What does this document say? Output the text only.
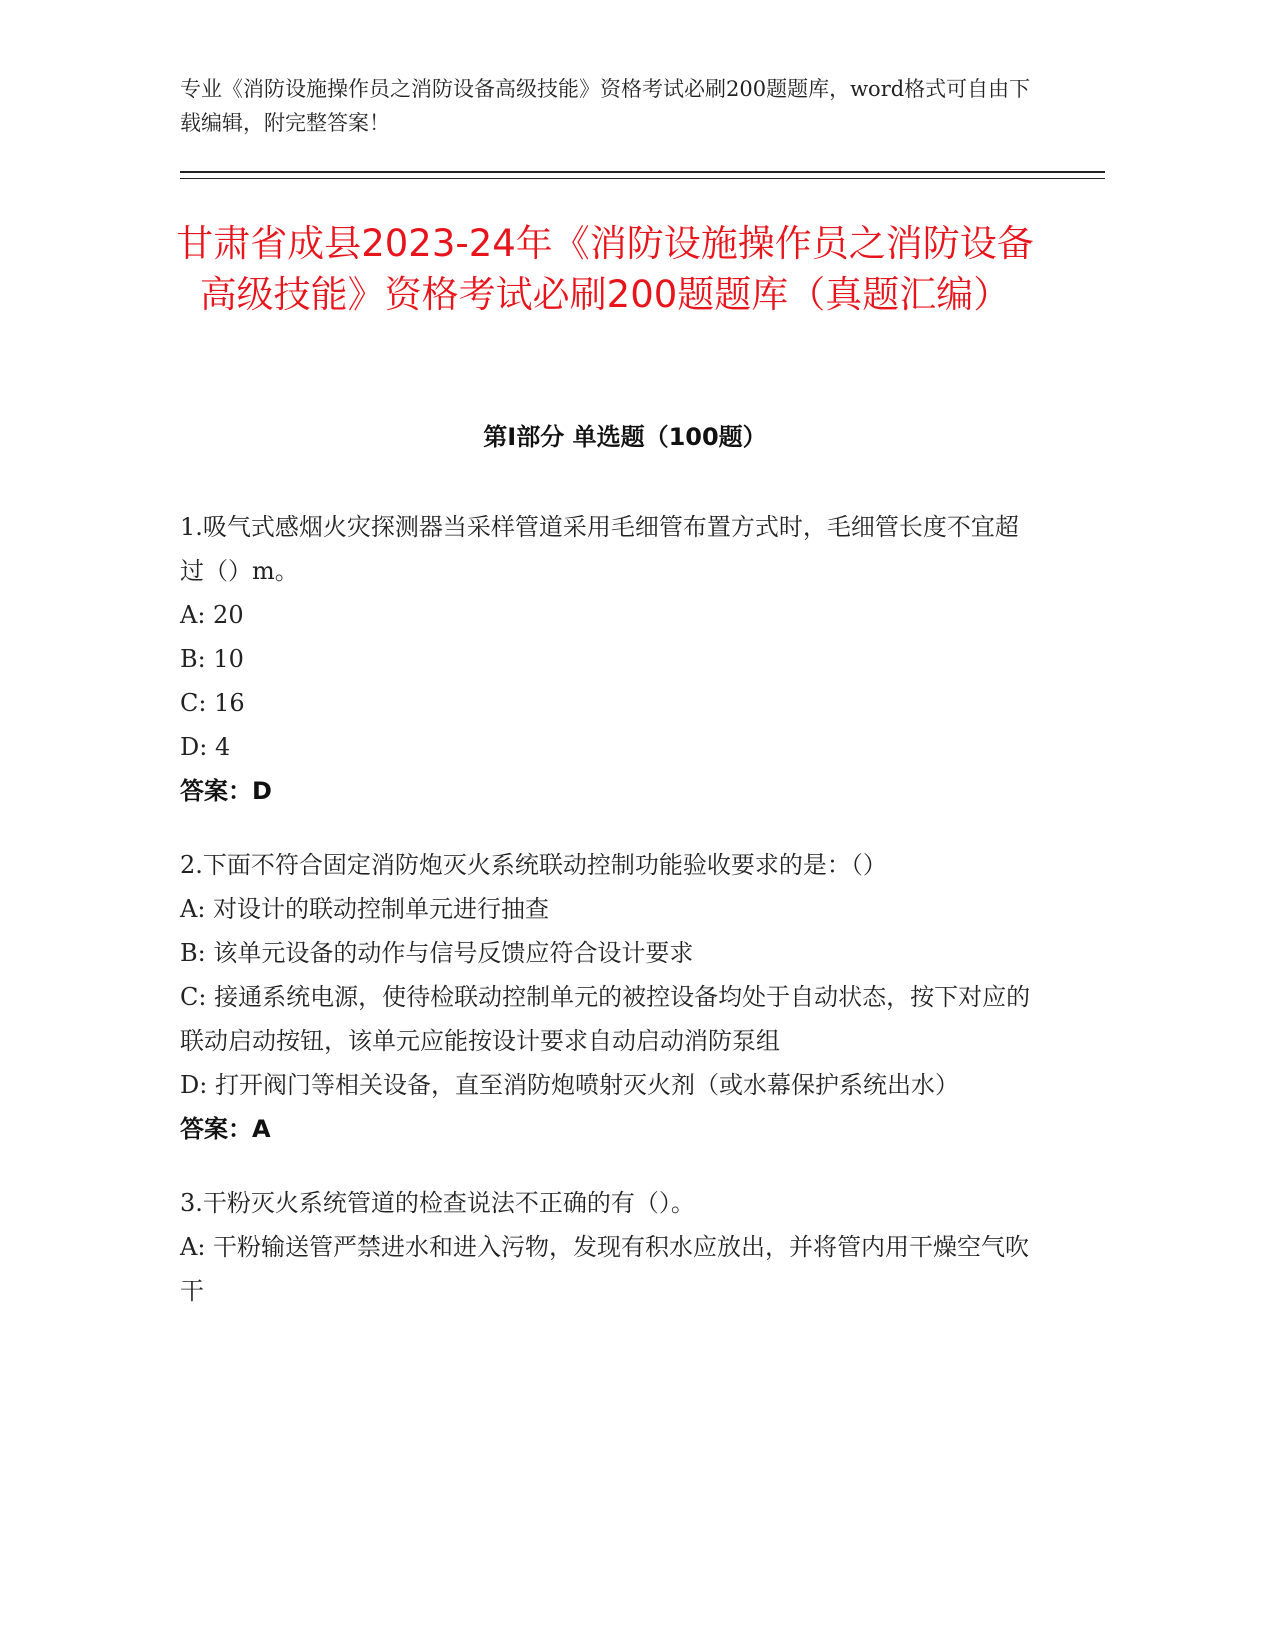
专业《消防设施操作员之消防设备高级技能》资格考试必刷200题题库，word格式可自由下载编辑，附完整答案！
甘肃省成县2023-24年《消防设施操作员之消防设备高级技能》资格考试必刷200题题库（真题汇编）
第Ⅰ部分 单选题（100题）
1.吸气式感烟火灾探测器当采样管道采用毛细管布置方式时，毛细管长度不宜超过（）m。
A: 20
B: 10
C: 16
D: 4
答案：D
2.下面不符合固定消防炮灭火系统联动控制功能验收要求的是：（）
A: 对设计的联动控制单元进行抽查
B: 该单元设备的动作与信号反馈应符合设计要求
C: 接通系统电源，使待检联动控制单元的被控设备均处于自动状态，按下对应的联动启动按钮，该单元应能按设计要求自动启动消防泵组
D: 打开阀门等相关设备，直至消防炮喷射灭火剂（或水幕保护系统出水）
答案：A
3.干粉灭火系统管道的检查说法不正确的有（）。
A: 干粉输送管严禁进水和进入污物，发现有积水应放出，并将管内用干燥空气吹干
